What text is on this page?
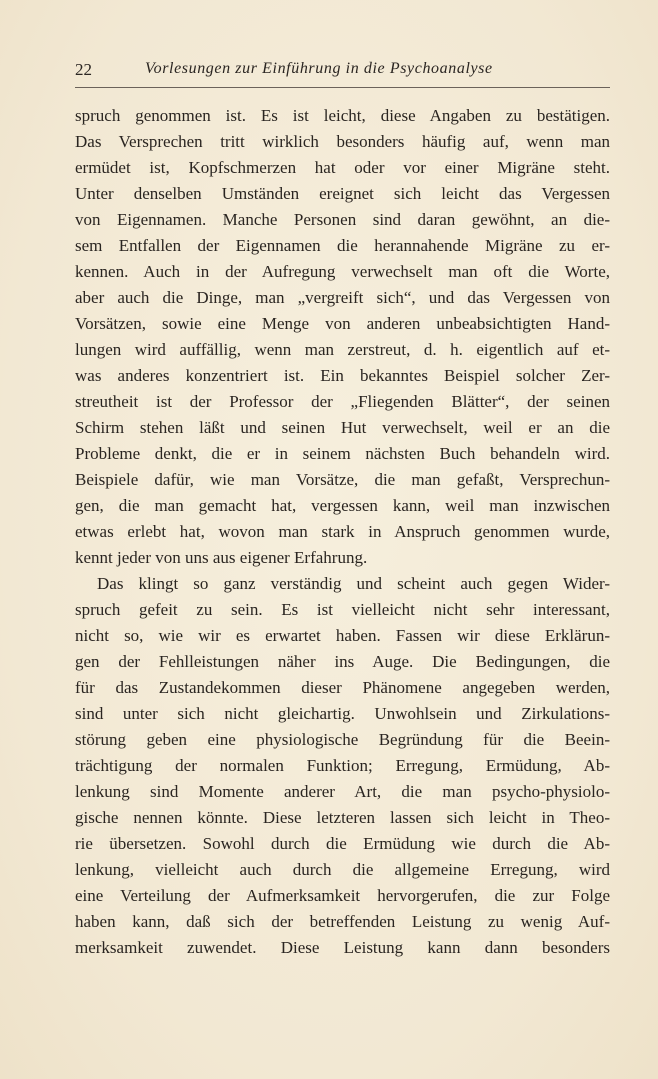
22	Vorlesungen zur Einführung in die Psychoanalyse
spruch genommen ist. Es ist leicht, diese Angaben zu bestätigen.
Das Versprechen tritt wirklich besonders häufig auf, wenn man
ermüdet ist, Kopfschmerzen hat oder vor einer Migräne steht.
Unter denselben Umständen ereignet sich leicht das Vergessen
von Eigennamen. Manche Personen sind daran gewöhnt, an die-
sem Entfallen der Eigennamen die herannahende Migräne zu er-
kennen. Auch in der Aufregung verwechselt man oft die Worte,
aber auch die Dinge, man „vergreift sich“, und das Vergessen von
Vorsätzen, sowie eine Menge von anderen unbeabsichtigten Hand-
lungen wird auffällig, wenn man zerstreut, d. h. eigentlich auf et-
was anderes konzentriert ist. Ein bekanntes Beispiel solcher Zer-
streutheit ist der Professor der „Fliegenden Blätter“, der seinen
Schirm stehen läßt und seinen Hut verwechselt, weil er an die
Probleme denkt, die er in seinem nächsten Buch behandeln wird.
Beispiele dafür, wie man Vorsätze, die man gefaßt, Versprechun-
gen, die man gemacht hat, vergessen kann, weil man inzwischen
etwas erlebt hat, wovon man stark in Anspruch genommen wurde,
kennt jeder von uns aus eigener Erfahrung.
Das klingt so ganz verständig und scheint auch gegen Wider-
spruch gefeit zu sein. Es ist vielleicht nicht sehr interessant,
nicht so, wie wir es erwartet haben. Fassen wir diese Erklärun-
gen der Fehlleistungen näher ins Auge. Die Bedingungen, die
für das Zustandekommen dieser Phänomene angegeben werden,
sind unter sich nicht gleichartig. Unwohlsein und Zirkulations-
störung geben eine physiologische Begründung für die Beein-
trächtigung der normalen Funktion; Erregung, Ermüdung, Ab-
lenkung sind Momente anderer Art, die man psycho-physiolo-
gische nennen könnte. Diese letzteren lassen sich leicht in Theo-
rie übersetzen. Sowohl durch die Ermüdung wie durch die Ab-
lenkung, vielleicht auch durch die allgemeine Erregung, wird
eine Verteilung der Aufmerksamkeit hervorgerufen, die zur Folge
haben kann, daß sich der betreffenden Leistung zu wenig Auf-
merksamkeit zuwendet. Diese Leistung kann dann besonders
